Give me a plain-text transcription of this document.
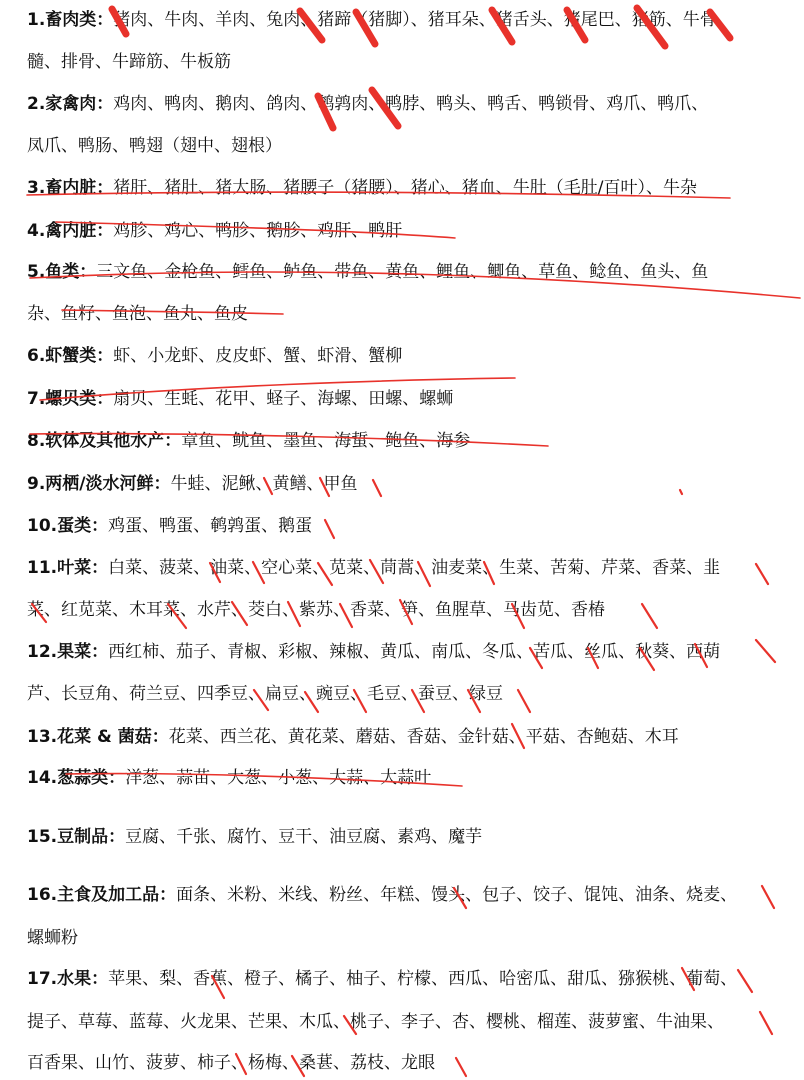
1.畜肉类：猪肉、牛肉、羊肉、兔肉、猪蹄（猪脚）、猪耳朵、猪舌头、猪尾巴、猪筋、牛骨
髓、排骨、牛蹄筋、牛板筋
2.家禽肉：鸡肉、鸭肉、鹅肉、鸽肉、鹌鹑肉、鸭脖、鸭头、鸭舌、鸭锁骨、鸡爪、鸭爪、
凤爪、鸭肠、鸭翅（翅中、翅根）
3.畜内脏：猪肝、猪肚、猪大肠、猪腰子（猪腰）、猪心、猪血、牛肚（毛肚/百叶）、牛杂
4.禽内脏：鸡胗、鸡心、鸭胗、鹅胗、鸡肝、鸭肝
5.鱼类：三文鱼、金枪鱼、鳕鱼、鲈鱼、带鱼、黄鱼、鲤鱼、鲫鱼、草鱼、鲶鱼、鱼头、鱼
杂、鱼籽、鱼泡、鱼丸、鱼皮
6.虾蟹类：虾、小龙虾、皮皮虾、蟹、虾滑、蟹柳
7.螺贝类：扇贝、生蚝、花甲、蛏子、海螺、田螺、螺蛳
8.软体及其他水产：章鱼、鱿鱼、墨鱼、海蜇、鲍鱼、海参
9.两栖/淡水河鲜：牛蛙、泥鳅、黄鳝、甲鱼
10.蛋类：鸡蛋、鸭蛋、鹌鹑蛋、鹅蛋
11.叶菜：白菜、菠菜、油菜、空心菜、苋菜、茼蒿、油麦菜、生菜、苦菊、芹菜、香菜、韭
菜、红苋菜、木耳菜、水芹、茭白、紫苏、香菜、笋、鱼腥草、马齿苋、香椿
12.果菜：西红柿、茄子、青椒、彩椒、辣椒、黄瓜、南瓜、冬瓜、苦瓜、丝瓜、秋葵、西葫
芦、长豆角、荷兰豆、四季豆、扁豆、豌豆、毛豆、蚕豆、绿豆
13.花菜 & 菌菇：花菜、西兰花、黄花菜、蘑菇、香菇、金针菇、平菇、杏鲍菇、木耳
14.葱蒜类：洋葱、蒜苗、大葱、小葱、大蒜、大蒜叶
15.豆制品：豆腐、千张、腐竹、豆干、油豆腐、素鸡、魔芋
16.主食及加工品：面条、米粉、米线、粉丝、年糕、馒头、包子、饺子、馄饨、油条、烧麦、
螺蛳粉
17.水果：苹果、梨、香蕉、橙子、橘子、柚子、柠檬、西瓜、哈密瓜、甜瓜、猕猴桃、葡萄、
提子、草莓、蓝莓、火龙果、芒果、木瓜、桃子、李子、杏、樱桃、榴莲、菠萝蜜、牛油果、
百香果、山竹、菠萝、柿子、杨梅、桑葚、荔枝、龙眼
